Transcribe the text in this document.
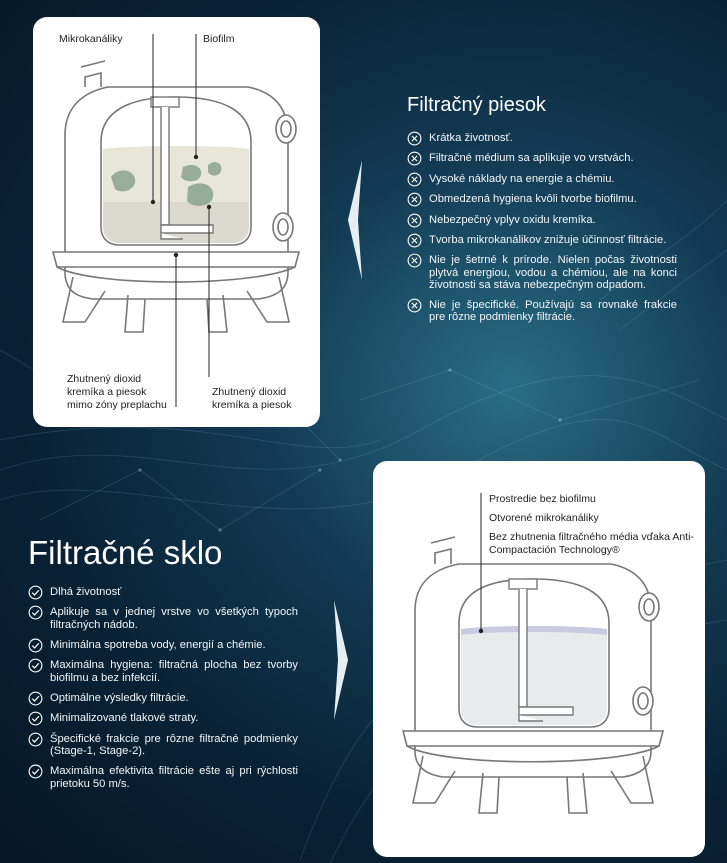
Mikrokanáliky	Biofilm
Zhutnený dioxid kremíka a piesok mimo zóny preplachu
Zhutnený dioxid kremíka a piesok
Filtračný piesok
Krátka životnosť.
Filtračné médium sa aplikuje vo vrstvách.
Vysoké náklady na energie a chémiu.
Obmedzená hygiena kvôli tvorbe biofilmu.
Nebezpečný vplyv oxidu kremíka.
Tvorba mikrokanálikov znižuje účinnosť filtrácie.
Nie je šetrné k prírode. Nielen počas životnosti plytvá energiou, vodou a chémiou, ale na konci životnosti sa stáva nebezpečným odpadom.
Nie je špecifické. Používajú sa rovnaké frakcie pre rôzne podmienky filtrácie.
Filtračné sklo
Dlhá životnosť
Aplikuje sa v jednej vrstve vo všetkých typoch filtračných nádob.
Minimálna spotreba vody, energií a chémie.
Maximálna hygiena: filtračná plocha bez tvorby biofilmu a bez infekcií.
Optimálne výsledky filtrácie.
Minimalizované tlakové straty.
Špecifické frakcie pre rôzne filtračné podmienky (Stage-1, Stage-2).
Maximálna efektivita filtrácie ešte aj pri rýchlosti prietoku 50 m/s.
Prostredie bez biofilmu
Otvorené mikrokanáliky
Bez zhutnenia filtračného média vďaka Anti-Compactación Technology®
